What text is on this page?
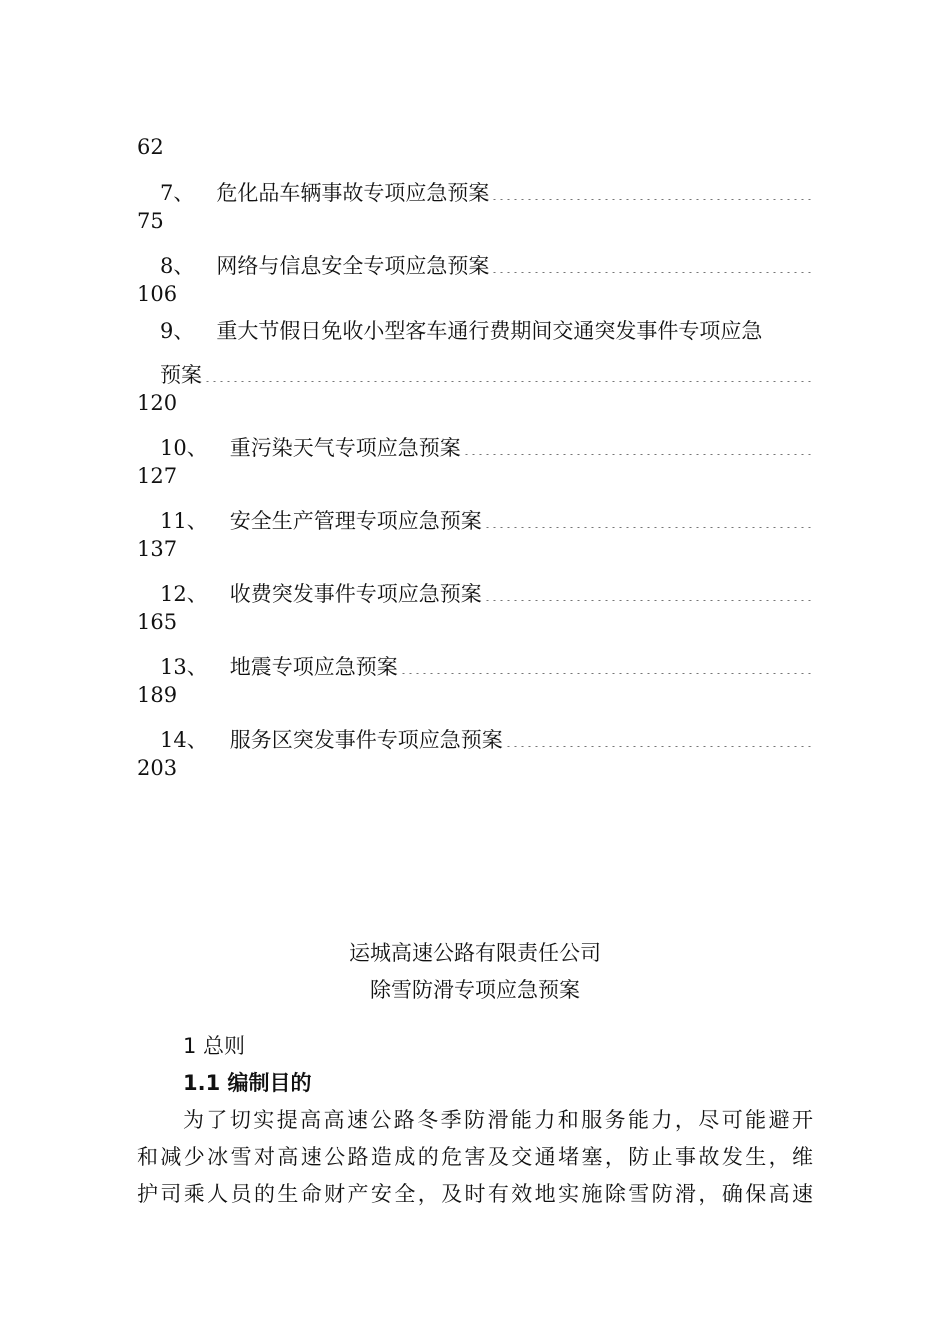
62
7、 危化品车辆事故专项应急预案
75
8、 网络与信息安全专项应急预案
106
9、 重大节假日免收小型客车通行费期间交通突发事件专项应急
预案
120
10、 重污染天气专项应急预案
127
11、 安全生产管理专项应急预案
137
12、 收费突发事件专项应急预案
165
13、 地震专项应急预案
189
14、 服务区突发事件专项应急预案
203
运城高速公路有限责任公司
除雪防滑专项应急预案
1 总则
1.1 编制目的
为了切实提高高速公路冬季防滑能力和服务能力，尽可能避开
和减少冰雪对高速公路造成的危害及交通堵塞，防止事故发生，维
护司乘人员的生命财产安全，及时有效地实施除雪防滑，确保高速
